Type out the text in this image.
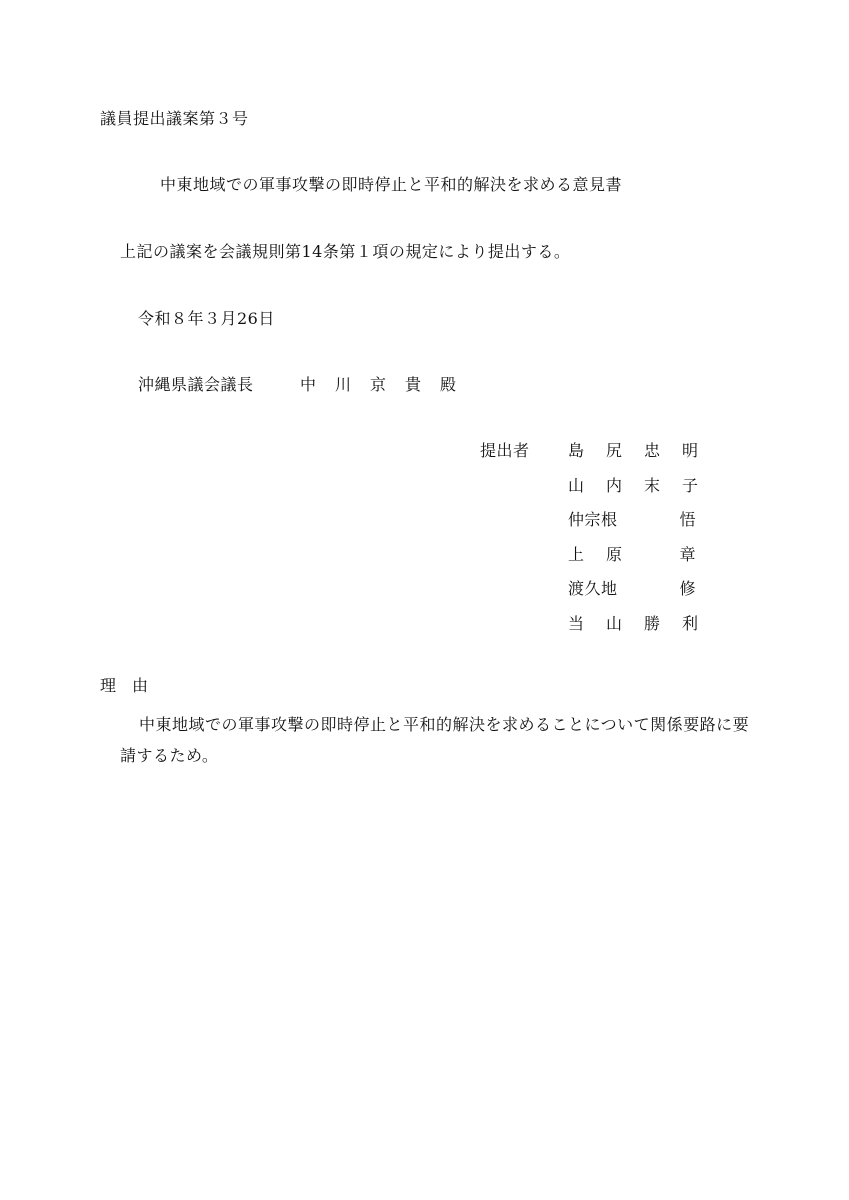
議員提出議案第３号
中東地域での軍事攻撃の即時停止と平和的解決を求める意見書
上記の議案を会議規則第14条第１項の規定により提出する。
令和８年３月26日
沖縄県議会議長	中川京貴殿
提出者 島尻 忠明
山内 末子
仲宗根	悟
上原 章
渡久地	修
当山 勝利
理由
中東地域での軍事攻撃の即時停止と平和的解決を求めることについて関係要路に要請するため。
